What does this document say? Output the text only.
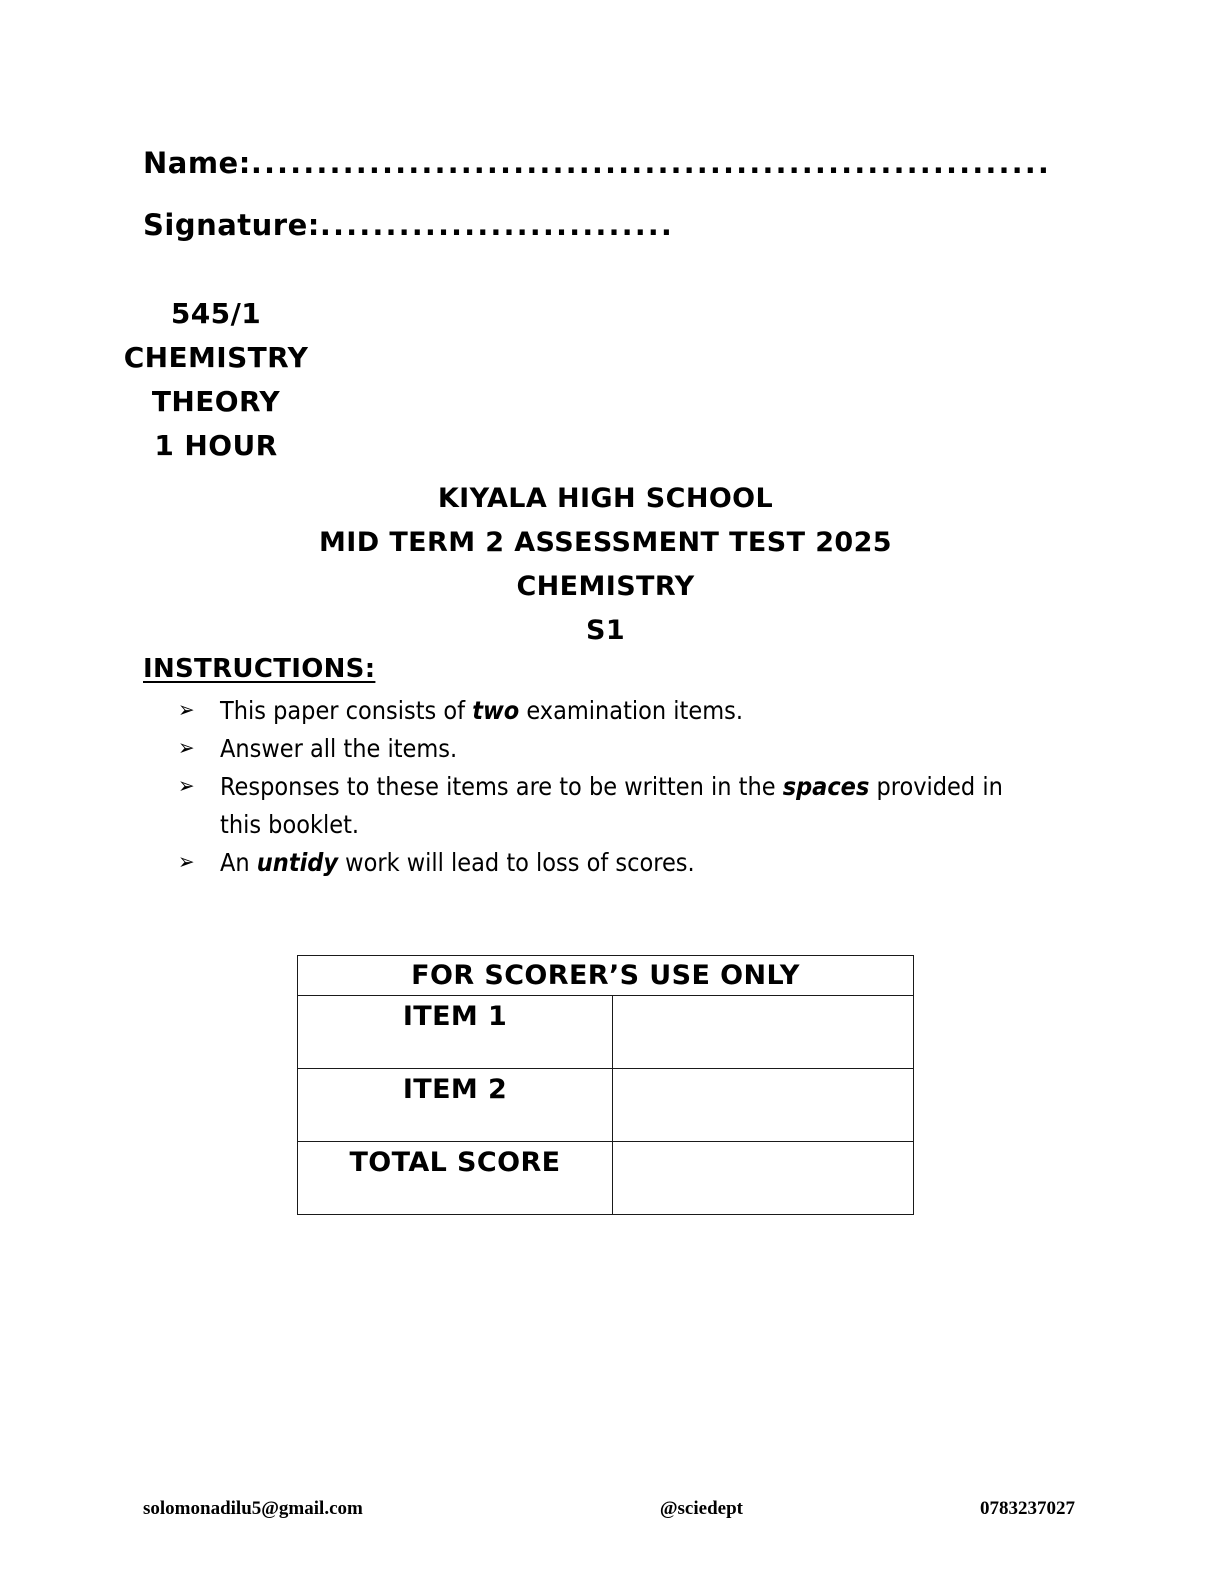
Name:.............................................................
Signature:...........................
545/1
CHEMISTRY
THEORY
1 HOUR
KIYALA HIGH SCHOOL
MID TERM 2 ASSESSMENT TEST 2025
CHEMISTRY
S1
INSTRUCTIONS:
➢ This paper consists of two examination items.
➢ Answer all the items.
➢ Responses to these items are to be written in the spaces provided in this booklet.
➢ An untidy work will lead to loss of scores.
FOR SCORER’S USE ONLY	
ITEM 1	
ITEM 2	
TOTAL SCORE	
solomonadilu5@gmail.com	@sciedept	0783237027
